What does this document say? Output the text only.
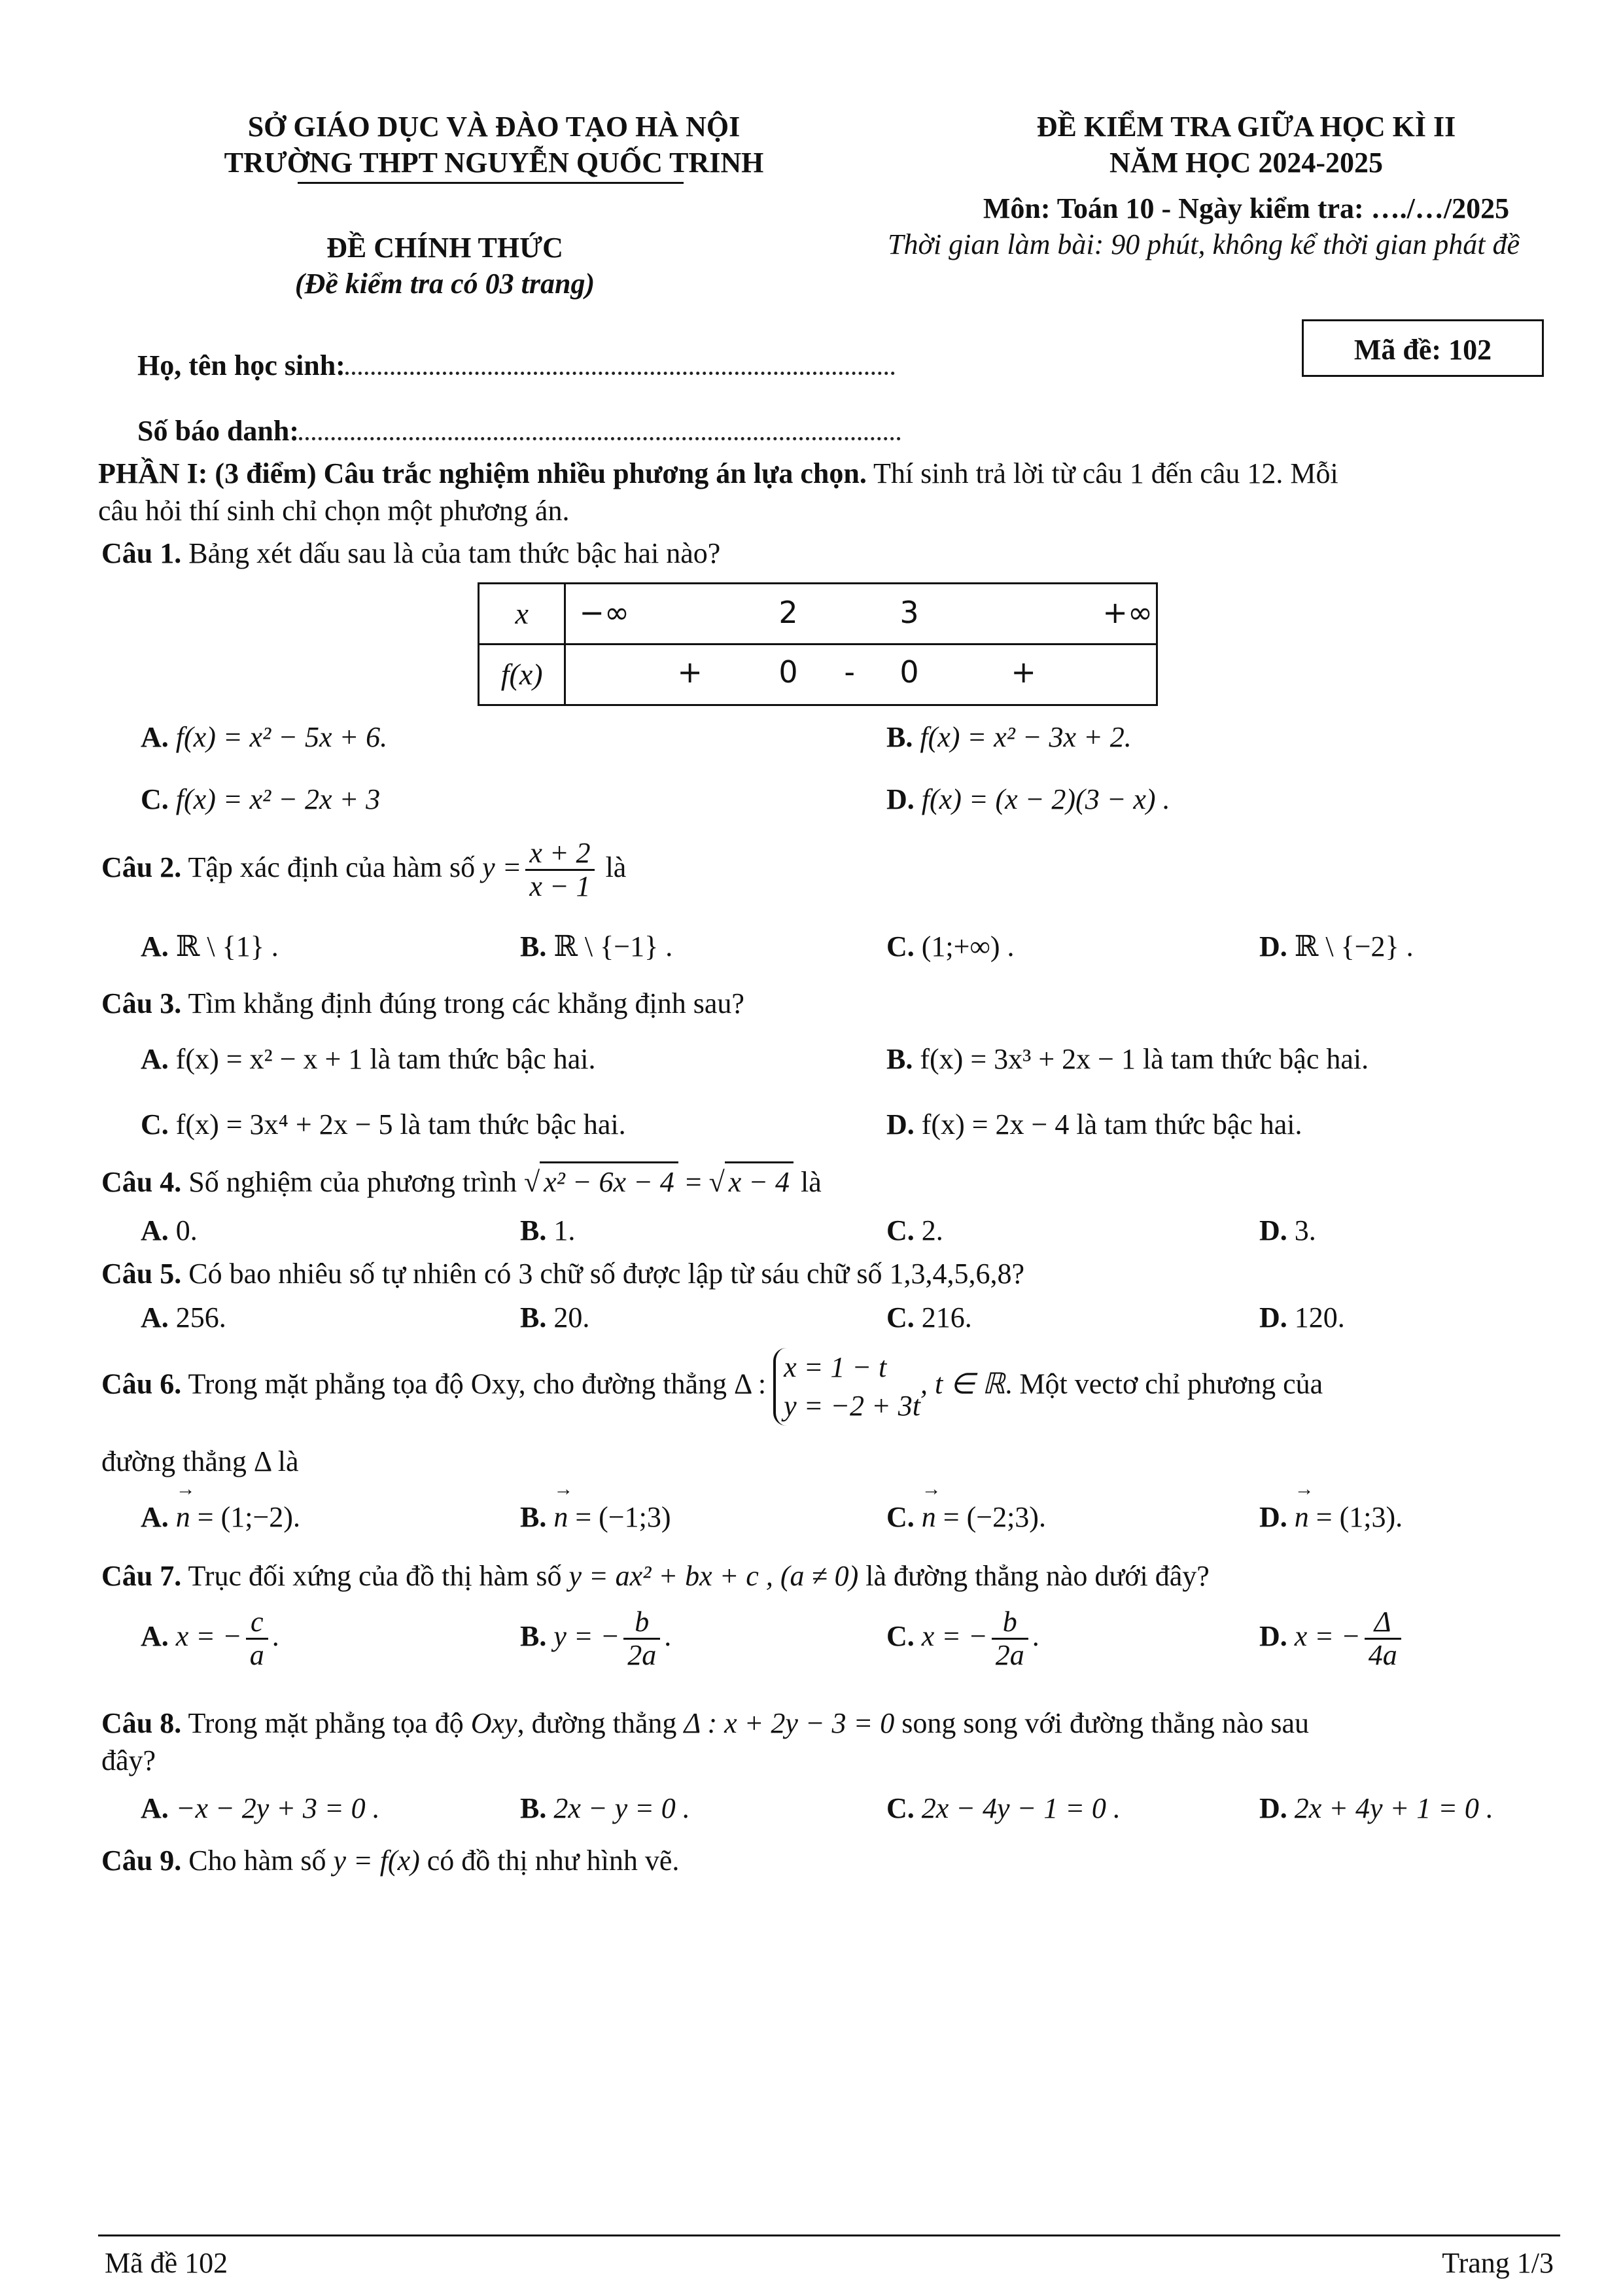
SỞ GIÁO DỤC VÀ ĐÀO TẠO HÀ NỘI
TRƯỜNG THPT NGUYỄN QUỐC TRINH
ĐỀ KIỂM TRA GIỮA HỌC KÌ II
NĂM HỌC 2024-2025
Môn: Toán 10 - Ngày kiểm tra: …./…/2025
Thời gian làm bài: 90 phút, không kể thời gian phát đề
ĐỀ CHÍNH THỨC
(Đề kiểm tra có 03 trang)
Mã đề: 102
Họ, tên học sinh:
Số báo danh:
PHẦN I: (3 điểm) Câu trắc nghiệm nhiều phương án lựa chọn. Thí sinh trả lời từ câu 1 đến câu 12. Mỗi
câu hỏi thí sinh chỉ chọn một phương án.
Câu 1. Bảng xét dấu sau là của tam thức bậc hai nào?
x	−∞ 2 3 +∞

f(x)	+ 0 - 0 +
A. f(x) = x² − 5x + 6.	B. f(x) = x² − 3x + 2.
C. f(x) = x² − 2x + 3	D. f(x) = (x − 2)(3 − x) .
Câu 2. Tập xác định của hàm số $y = \frac{x + 2}{x - 1}$ là
A. ℝ \ {1} .	B. ℝ \ {−1} .	C. (1;+∞) .	D. ℝ \ {−2} .
Câu 3. Tìm khẳng định đúng trong các khẳng định sau?
A. f(x) = x² − x + 1 là tam thức bậc hai.	B. f(x) = 3x³ + 2x − 1 là tam thức bậc hai.
C. f(x) = 3x⁴ + 2x − 5 là tam thức bậc hai.	D. f(x) = 2x − 4 là tam thức bậc hai.
Câu 4. Số nghiệm của phương trình √ x² − 6x − 4 = √ x − 4 là
A. 0.	B. 1.	C. 2.	D. 3.
Câu 5. Có bao nhiêu số tự nhiên có 3 chữ số được lập từ sáu chữ số 1,3,4,5,6,8?
A. 256.	B. 20.	C. 216.	D. 120.
Câu 6. Trong mặt phẳng tọa độ Oxy, cho đường thẳng Δ : x = 1 − t
y = −2 + 3t, t ∈ ℝ. Một vectơ chỉ phương của
đường thẳng Δ là
A. → n = (1;−2).	B. → n = (−1;3)	C. → n = (−2;3).	D. → n = (1;3).
Câu 7. Trục đối xứng của đồ thị hàm số y = ax² + bx + c , (a ≠ 0) là đường thẳng nào dưới đây?
A. x = − $\frac{c}{a}$ .	B. y = − $\frac{b}{2a}$ .	C. x = − $\frac{b}{2a}$ .	D. x = − $\frac{\Delta}{4a}$
Câu 8. Trong mặt phẳng tọa độ Oxy, đường thẳng Δ : x + 2y − 3 = 0 song song với đường thẳng nào sau
đây?
A. −x − 2y + 3 = 0 .	B. 2x − y = 0 .	C. 2x − 4y − 1 = 0 .	D. 2x + 4y + 1 = 0 .
Câu 9. Cho hàm số y = f(x) có đồ thị như hình vẽ.
Mã đề 102	Trang 1/3
